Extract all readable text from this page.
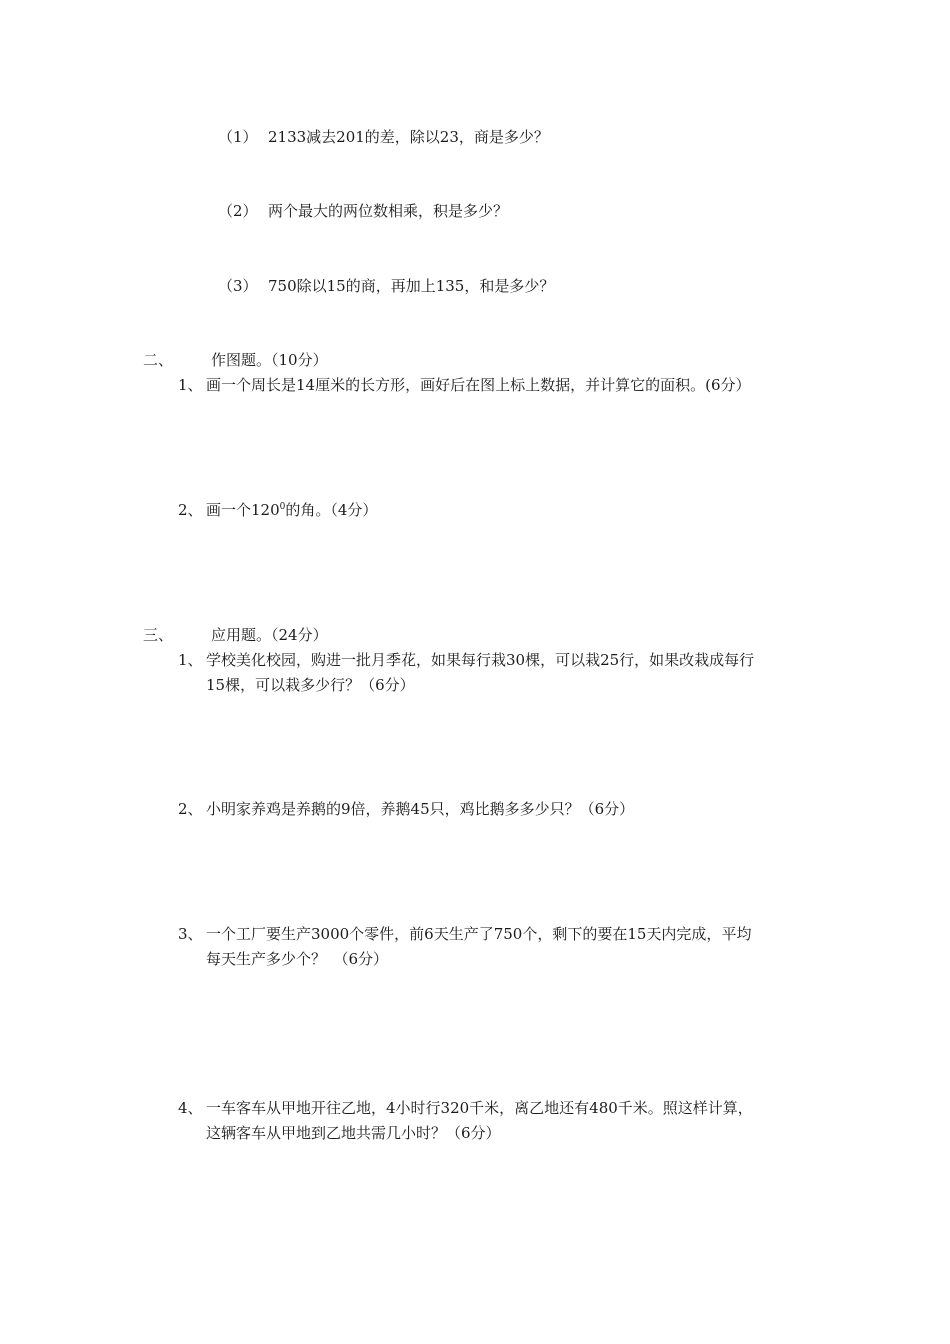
（1） 2133减去201的差，除以23，商是多少？
（2） 两个最大的两位数相乘，积是多少？
（3） 750除以15的商，再加上135，和是多少？
二、	作图题。（10分）
1、 画一个周长是14厘米的长方形，画好后在图上标上数据，并计算它的面积。(6分）
2、 画一个$120^0$的角。（4分）
三、	应用题。（24分）
1、 学校美化校园，购进一批月季花，如果每行栽30棵，可以栽25行，如果改栽成每行
15棵，可以栽多少行？（6分）
2、 小明家养鸡是养鹅的9倍，养鹅45只，鸡比鹅多多少只？（6分）
3、 一个工厂要生产3000个零件，前6天生产了750个，剩下的要在15天内完成，平均
每天生产多少个？　（6分）
4、 一车客车从甲地开往乙地，4小时行320千米，离乙地还有480千米。照这样计算，
这辆客车从甲地到乙地共需几小时？（6分）
